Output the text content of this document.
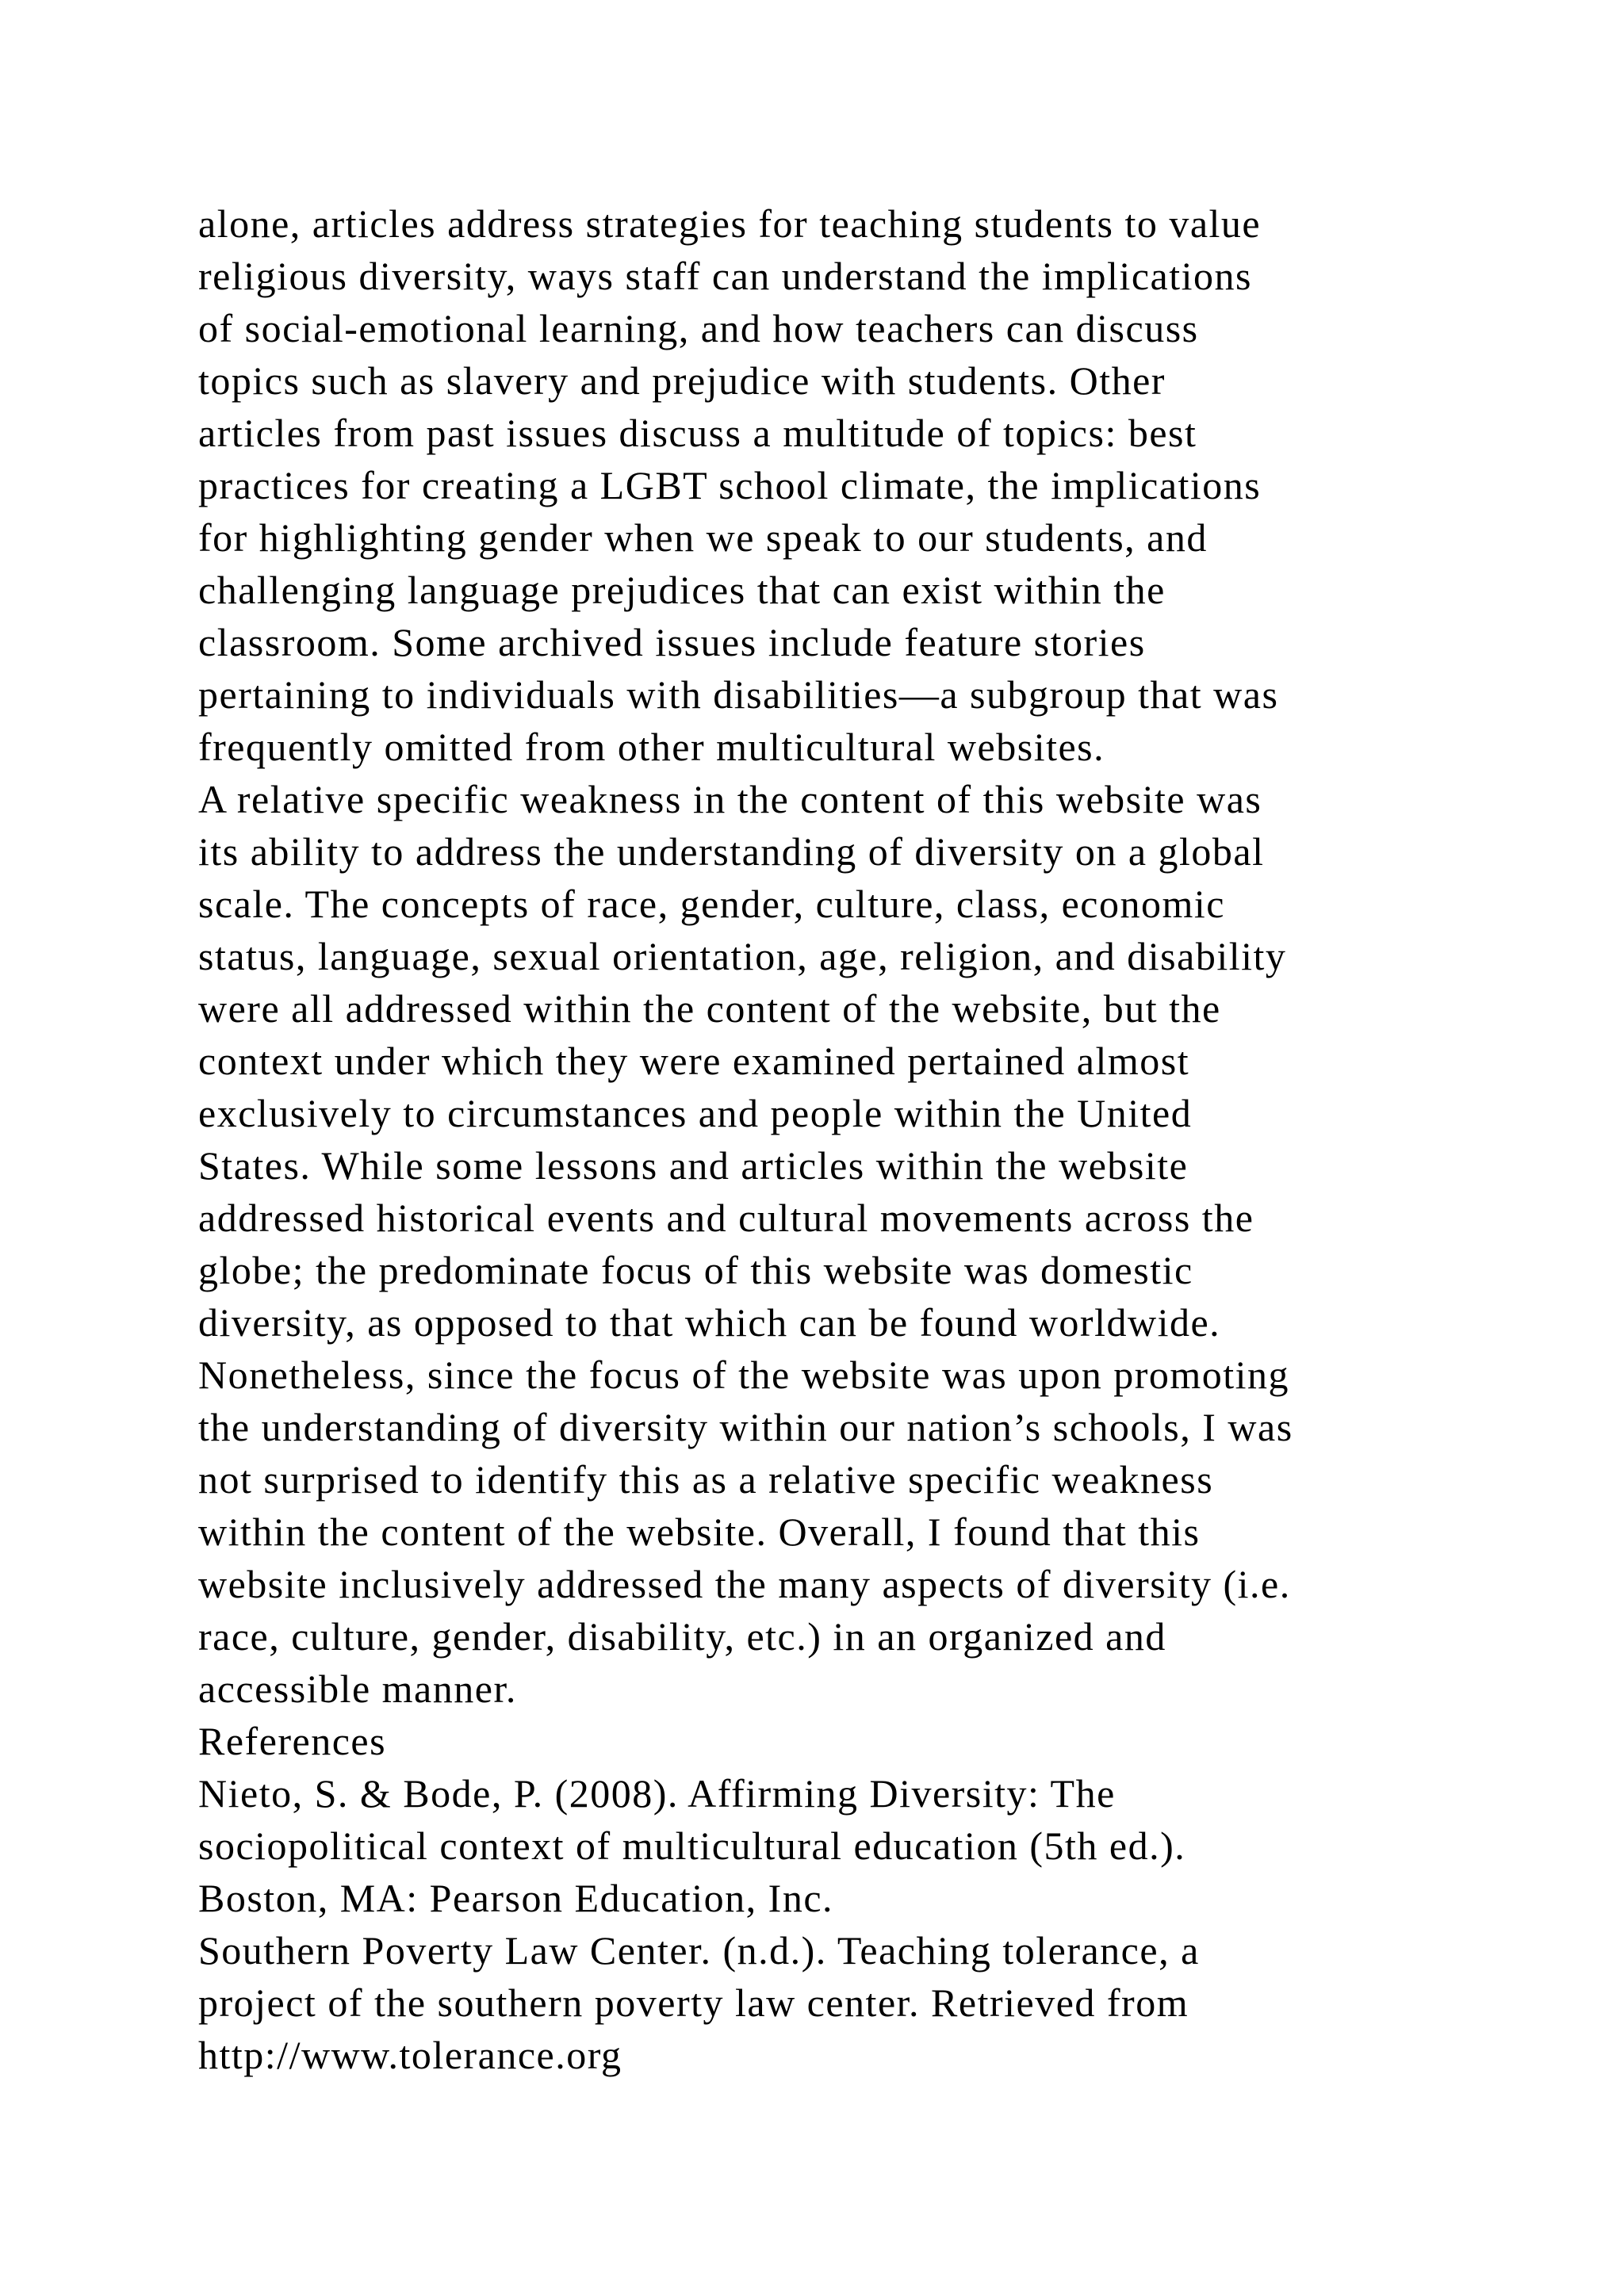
alone, articles address strategies for teaching students to value
religious diversity, ways staff can understand the implications
of social-emotional learning, and how teachers can discuss
topics such as slavery and prejudice with students. Other
articles from past issues discuss a multitude of topics: best
practices for creating a LGBT school climate, the implications
for highlighting gender when we speak to our students, and
challenging language prejudices that can exist within the
classroom. Some archived issues include feature stories
pertaining to individuals with disabilities—a subgroup that was
frequently omitted from other multicultural websites.
A relative specific weakness in the content of this website was
its ability to address the understanding of diversity on a global
scale. The concepts of race, gender, culture, class, economic
status, language, sexual orientation, age, religion, and disability
were all addressed within the content of the website, but the
context under which they were examined pertained almost
exclusively to circumstances and people within the United
States. While some lessons and articles within the website
addressed historical events and cultural movements across the
globe; the predominate focus of this website was domestic
diversity, as opposed to that which can be found worldwide.
Nonetheless, since the focus of the website was upon promoting
the understanding of diversity within our nation’s schools, I was
not surprised to identify this as a relative specific weakness
within the content of the website. Overall, I found that this
website inclusively addressed the many aspects of diversity (i.e.
race, culture, gender, disability, etc.) in an organized and
accessible manner.
References
Nieto, S. & Bode, P. (2008). Affirming Diversity: The
sociopolitical context of multicultural education (5th ed.).
Boston, MA: Pearson Education, Inc.
Southern Poverty Law Center. (n.d.). Teaching tolerance, a
project of the southern poverty law center. Retrieved from
http://www.tolerance.org
